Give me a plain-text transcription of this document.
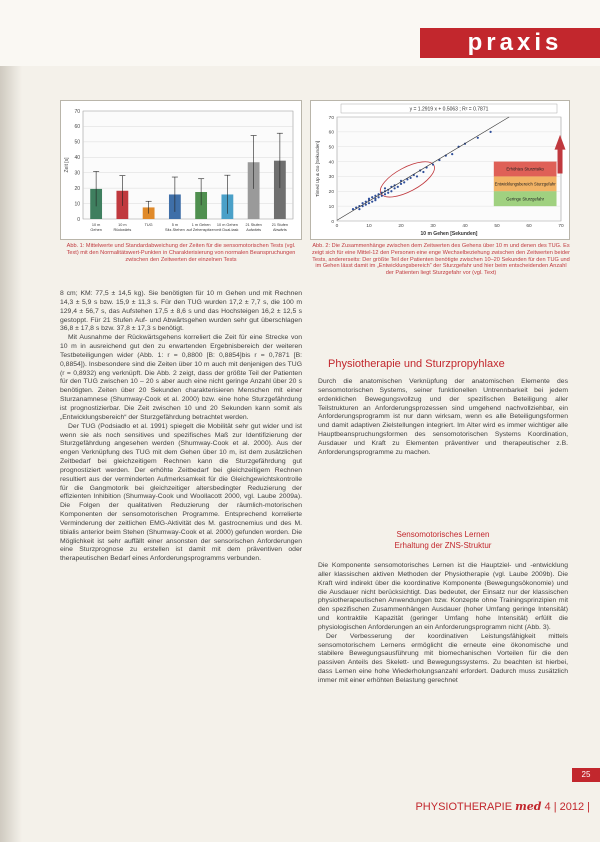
praxis
0
10
20
30
40
50
60
70
Zeit [s]
10 m
Gehen
10 m
Rückwärts
TUG	5 m
Sitz-Stehen
1 m Gehen
auf Zehenspitzen
10 m Gehen
mit Dual-task
21 Stufen
Aufwärts
21 Stufen
Abwärts
Abb. 1: Mittelwerte und Standardabweichung der Zeiten für die sensomotorischen Tests (vgl. Text) mit den Normalitätswert-Punkten in Charakterisierung von normalen Beanspruchungen zwischen den Zeitwerten der einzelnen Tests
0
10
20
30
40
50
60
70
0	10	20	30	40	50	60	70
Erhöhtes Sturzrisiko
Entwicklungsbereich Sturzgefahr
Geringe Sturzgefahr
y = 1.2919 x + 0.5063 ; R² = 0.7871
10 m Gehen [Sekunden]
Timed Up & Go [Sekunden]
Abb. 2: Die Zusammenhänge zwischen dem Zeitwerten des Gehens über 10 m und denen des TUG. Es zeigt sich für eine Mittel-12 den Personen eine enge Wechselbeziehung zwischen den Zeitwerten beider Tests, andererseits: Der größte Teil der Patienten benötigte zwischen 10–20 Sekunden für den TUG und im Gehen lässt damit im „Entwicklungsbereich“ der Sturzgefahr und hier beim entscheidenden Anzahl der Patienten liegt Sturzgefahr vor (vgl. Text)

8 cm; KM: 77,5 ± 14,5 kg). Sie benötigten für 10 m Gehen und mit Rechnen 14,3 ± 5,9 s bzw. 15,9 ± 11,3 s. Für den TUG wurden 17,2 ± 7,7 s, die 100 m 129,4 ± 56,7 s, das Aufstehen 17,5 ± 8,6 s und das Hochsteigen 16,2 ± 12,5 s gestoppt. Für 21 Stufen Auf- und Abwärtsgehen wurden sehr gut überschlagen 36,8 ± 17,8 s bzw. 37,8 ± 17,3 s benötigt.

Mit Ausnahme der Rückwärtsgehens korreliert die Zeit für eine Strecke von 10 m in ausreichend gut den zu erwartenden Ergebnisbereich der weiteren Testbeteiligungen wider (Abb. 1: r = 0,8800 [B: 0,8854]bis r = 0,7871 [B: 0,8854]). Insbesondere sind die Zeiten über 10 m auch mit denjenigen des TUG (r = 0,8932) eng verknüpft. Die Abb. 2 zeigt, dass der größte Teil der Patienten für den TUG zwischen 10 – 20 s aber auch eine nicht geringe Anzahl über 20 s benötigten. Zeiten über 20 Sekunden charakterisieren Menschen mit einer Sturzanamnese (Shumway-Cook et al. 2000) bzw. eine hohe Sturzgefährdung ist prognostizierbar. Die Zeit zwischen 10 und 20 Sekunden kann somit als „Entwicklungsbereich“ der Sturzgefährdung betrachtet werden.

Der TUG (Podsiadlo et al. 1991) spiegelt die Mobilität sehr gut wider und ist wenn sie als noch sensitives und spezifisches Maß zur Identifizierung der Sturzgefährdung angesehen werden (Shumway-Cook et al. 2000). Aus der engen Verknüpfung des TUG mit dem Gehen über 10 m, ist dem zusätzlichen Zeitbedarf bei gleichzeitigem Rechnen kann die Sturzgefährdung gut prognostiziert werden. Der erhöhte Zeitbedarf bei gleichzeitigem Rechnen resultiert aus der verminderten Aufmerksamkeit für die Gleichgewichtskontrolle für die Gangmotorik bei gleichzeitiger altersbedingter Reduzierung der effizienten Inhibition (Shumway-Cook und Woollacott 2000, vgl. Laube 2009a). Die Folgen der qualitativen Reduzierung der räumlich-motorischen Komponenten der sensomotorischen Programme. Entsprechend korrelierte Verminderung der zeitlichen EMG-Aktivität des M. gastrocnemius und des M. tibialis anterior beim Stehen (Shumway-Cook et al. 2000) gefunden worden. Die Möglichkeit ist sehr auffällt einer ansonsten der sensorischen Anforderungen eine Sturzprognose zu erstellen ist damit mit dem präventiven oder therapeutischen Bedarf eines Anforderungsprogramms verbunden.

Physiotherapie und Sturzpropyhlaxe

Durch die anatomischen Verknüpfung der anatomischen Elemente des sensomotorischen Systems, seiner funktionellen Untrennbarkeit bei jedem erdenklichen Bewegungsvollzug und der spezifischen Beteiligung aller Teilstrukturen an Anforderungsprozessen sind umgehend nachvollziehbar, ein Anforderungsprogramm ist nur dann wirksam, wenn es alle Beteiligungsformen und damit adaptiven Zielstellungen integriert. Im Alter wird es immer wichtiger alle Hauptbeanspruchungsformen des sensomotorischen Systems Koordination, Ausdauer und Kraft zu Elementen präventiver und therapeutischer z.B. Anforderungsprogramme zu machen.

Sensomotorisches Lernen
Erhaltung der ZNS-Struktur

Die Komponente sensomotorisches Lernen ist die Hauptziel- und -entwicklung aller klassischen aktiven Methoden der Physiotherapie (vgl. Laube 2009b). Die Kraft wird indirekt über die koordinative Komponente (Bewegungsökonomie) und die Ausdauer nicht berücksichtigt. Das bedeutet, der Einsatz nur der klassischen physiotherapeutischen Anwendungen bzw. Konzepte ohne Trainingsprinzipien mit den spezifischen Zusammenhängen Ausdauer (hoher Umfang geringe Intensität) und kontraktile Kapazität (geringer Umfang hohe Intensität) erfüllt die physiologischen Anforderungen an ein Anforderungsprogramm nicht (Abb. 3).

Der Verbesserung der koordinativen Leistungsfähigkeit mittels sensomotorischem Lernens ermöglicht die erneute eine ökonomische und stabilere Bewegungsausführung mit biomechanischen Vorteilen für die den passiven Anteils des Skelett- und Bewegungssystems. Zu beachten ist hierbei, dass Lernen eine hohe Wiederholungsanzahl erfordert. Dadurch muss zusätzlich immer mit einer erhöhten Belastung gerechnet

25
PHYSIOTHERAPIE med 4 | 2012 |
